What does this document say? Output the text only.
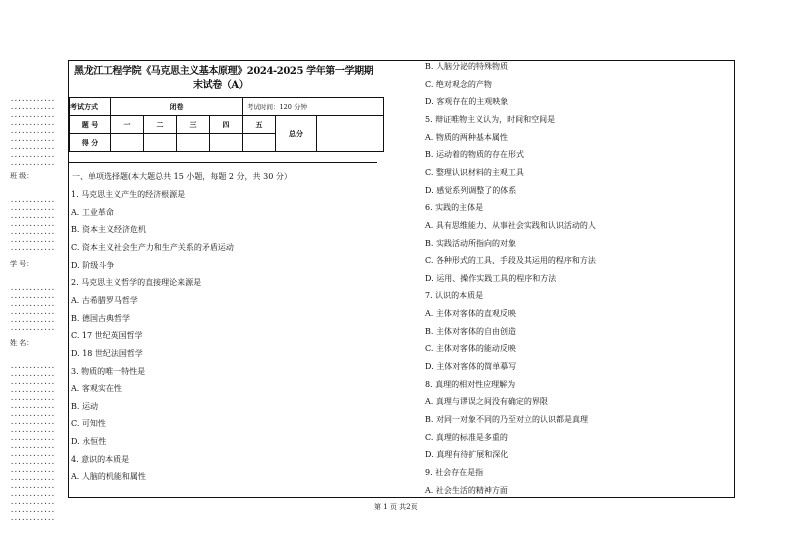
············
············
············
············
············
············
············
············
············
············
············
············
············
············
············
············
············
············
············
············
············
············
············
············
············
············
············
············
············
············
············
············
············
············
············
············
············
············
············
············
············
············
班 级：
学 号：
姓 名：
黑龙江工程学院《马克思主义基本原理》2024-2025 学年第一学期期
末试卷（A）
考试方式	闭卷				考试时间：120 分钟		
题 号	一	二	三	四	五	总分	
得 分							
一、单项选择题(本大题总共 15 小题，每题 2 分，共 30 分）
第 1 页 共2页
1. 马克思主义产生的经济根源是
A. 工业革命
B. 资本主义经济危机
C. 资本主义社会生产力和生产关系的矛盾运动
D. 阶级斗争
2. 马克思主义哲学的直接理论来源是
A. 古希腊罗马哲学
B. 德国古典哲学
C. 17 世纪英国哲学
D. 18 世纪法国哲学
3. 物质的唯一特性是
A. 客观实在性
B. 运动
C. 可知性
D. 永恒性
4. 意识的本质是
A. 人脑的机能和属性
B. 人脑分泌的特殊物质
C. 绝对观念的产物
D. 客观存在的主观映象
5. 辩证唯物主义认为，时间和空间是
A. 物质的两种基本属性
B. 运动着的物质的存在形式
C. 整理认识材料的主观工具
D. 感觉系列调整了的体系
6. 实践的主体是
A. 具有思维能力、从事社会实践和认识活动的人
B. 实践活动所指向的对象
C. 各种形式的工具、手段及其运用的程序和方法
D. 运用、操作实践工具的程序和方法
7. 认识的本质是
A. 主体对客体的直观反映
B. 主体对客体的自由创造
C. 主体对客体的能动反映
D. 主体对客体的简单摹写
8. 真理的相对性应理解为
A. 真理与谬误之间没有确定的界限
B. 对同一对象不同的乃至对立的认识都是真理
C. 真理的标准是多重的
D. 真理有待扩展和深化
9. 社会存在是指
A. 社会生活的精神方面
